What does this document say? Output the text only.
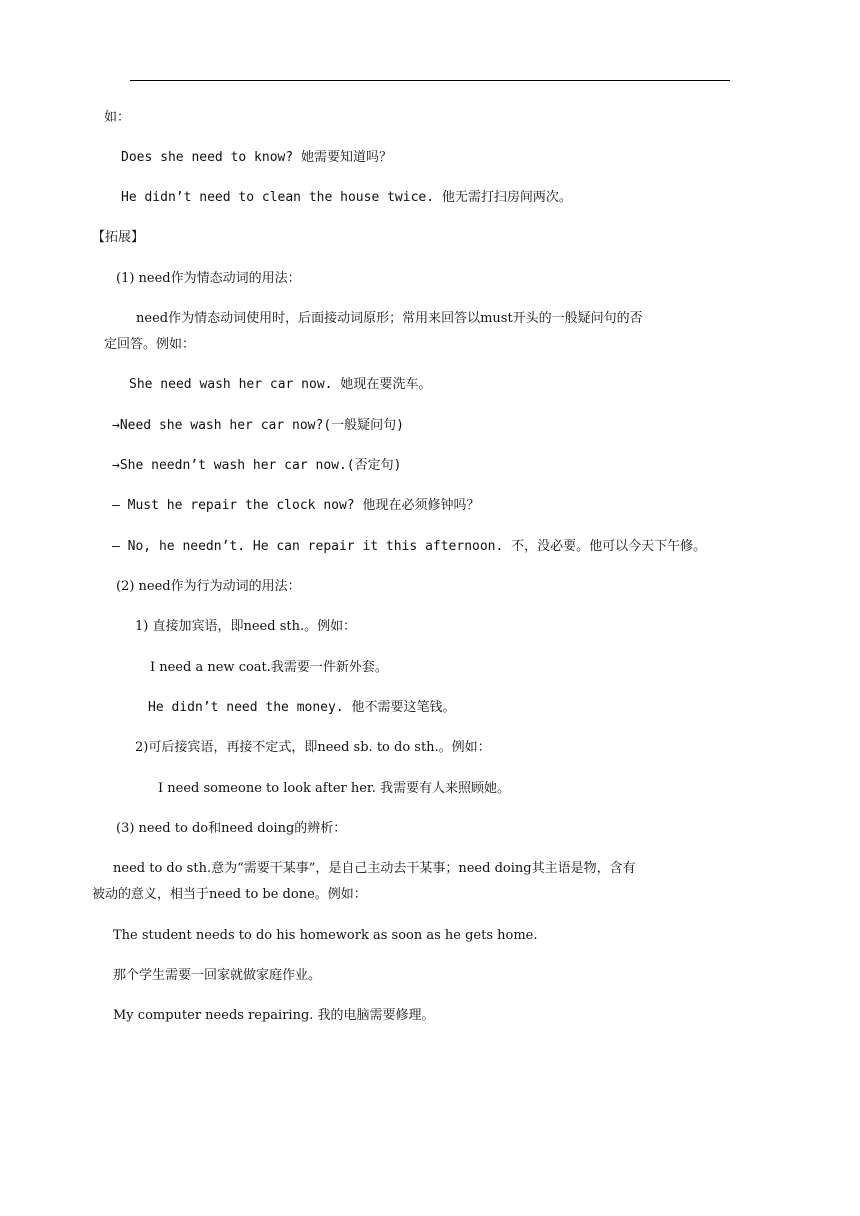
如：
Does she need to know? 她需要知道吗？
He didn’t need to clean the house twice. 他无需打扫房间两次。
【拓展】
(1) need作为情态动词的用法：
need作为情态动词使用时，后面接动词原形；常用来回答以must开头的一般疑问句的否
定回答。例如：
She need wash her car now. 她现在要洗车。
→Need she wash her car now?(一般疑问句)
→She needn’t wash her car now.(否定句)
— Must he repair the clock now? 他现在必须修钟吗？
— No, he needn’t. He can repair it this afternoon. 不，没必要。他可以今天下午修。
(2) need作为行为动词的用法：
1) 直接加宾语，即need sth.。例如：
I need a new coat.我需要一件新外套。
He didn’t need the money. 他不需要这笔钱。
2)可后接宾语，再接不定式，即need sb. to do sth.。例如：
I need someone to look after her. 我需要有人来照顾她。
(3) need to do和need doing的辨析：
need to do sth.意为“需要干某事”，是自己主动去干某事；need doing其主语是物，含有
被动的意义，相当于need to be done。例如：
The student needs to do his homework as soon as he gets home.
那个学生需要一回家就做家庭作业。
My computer needs repairing. 我的电脑需要修理。
